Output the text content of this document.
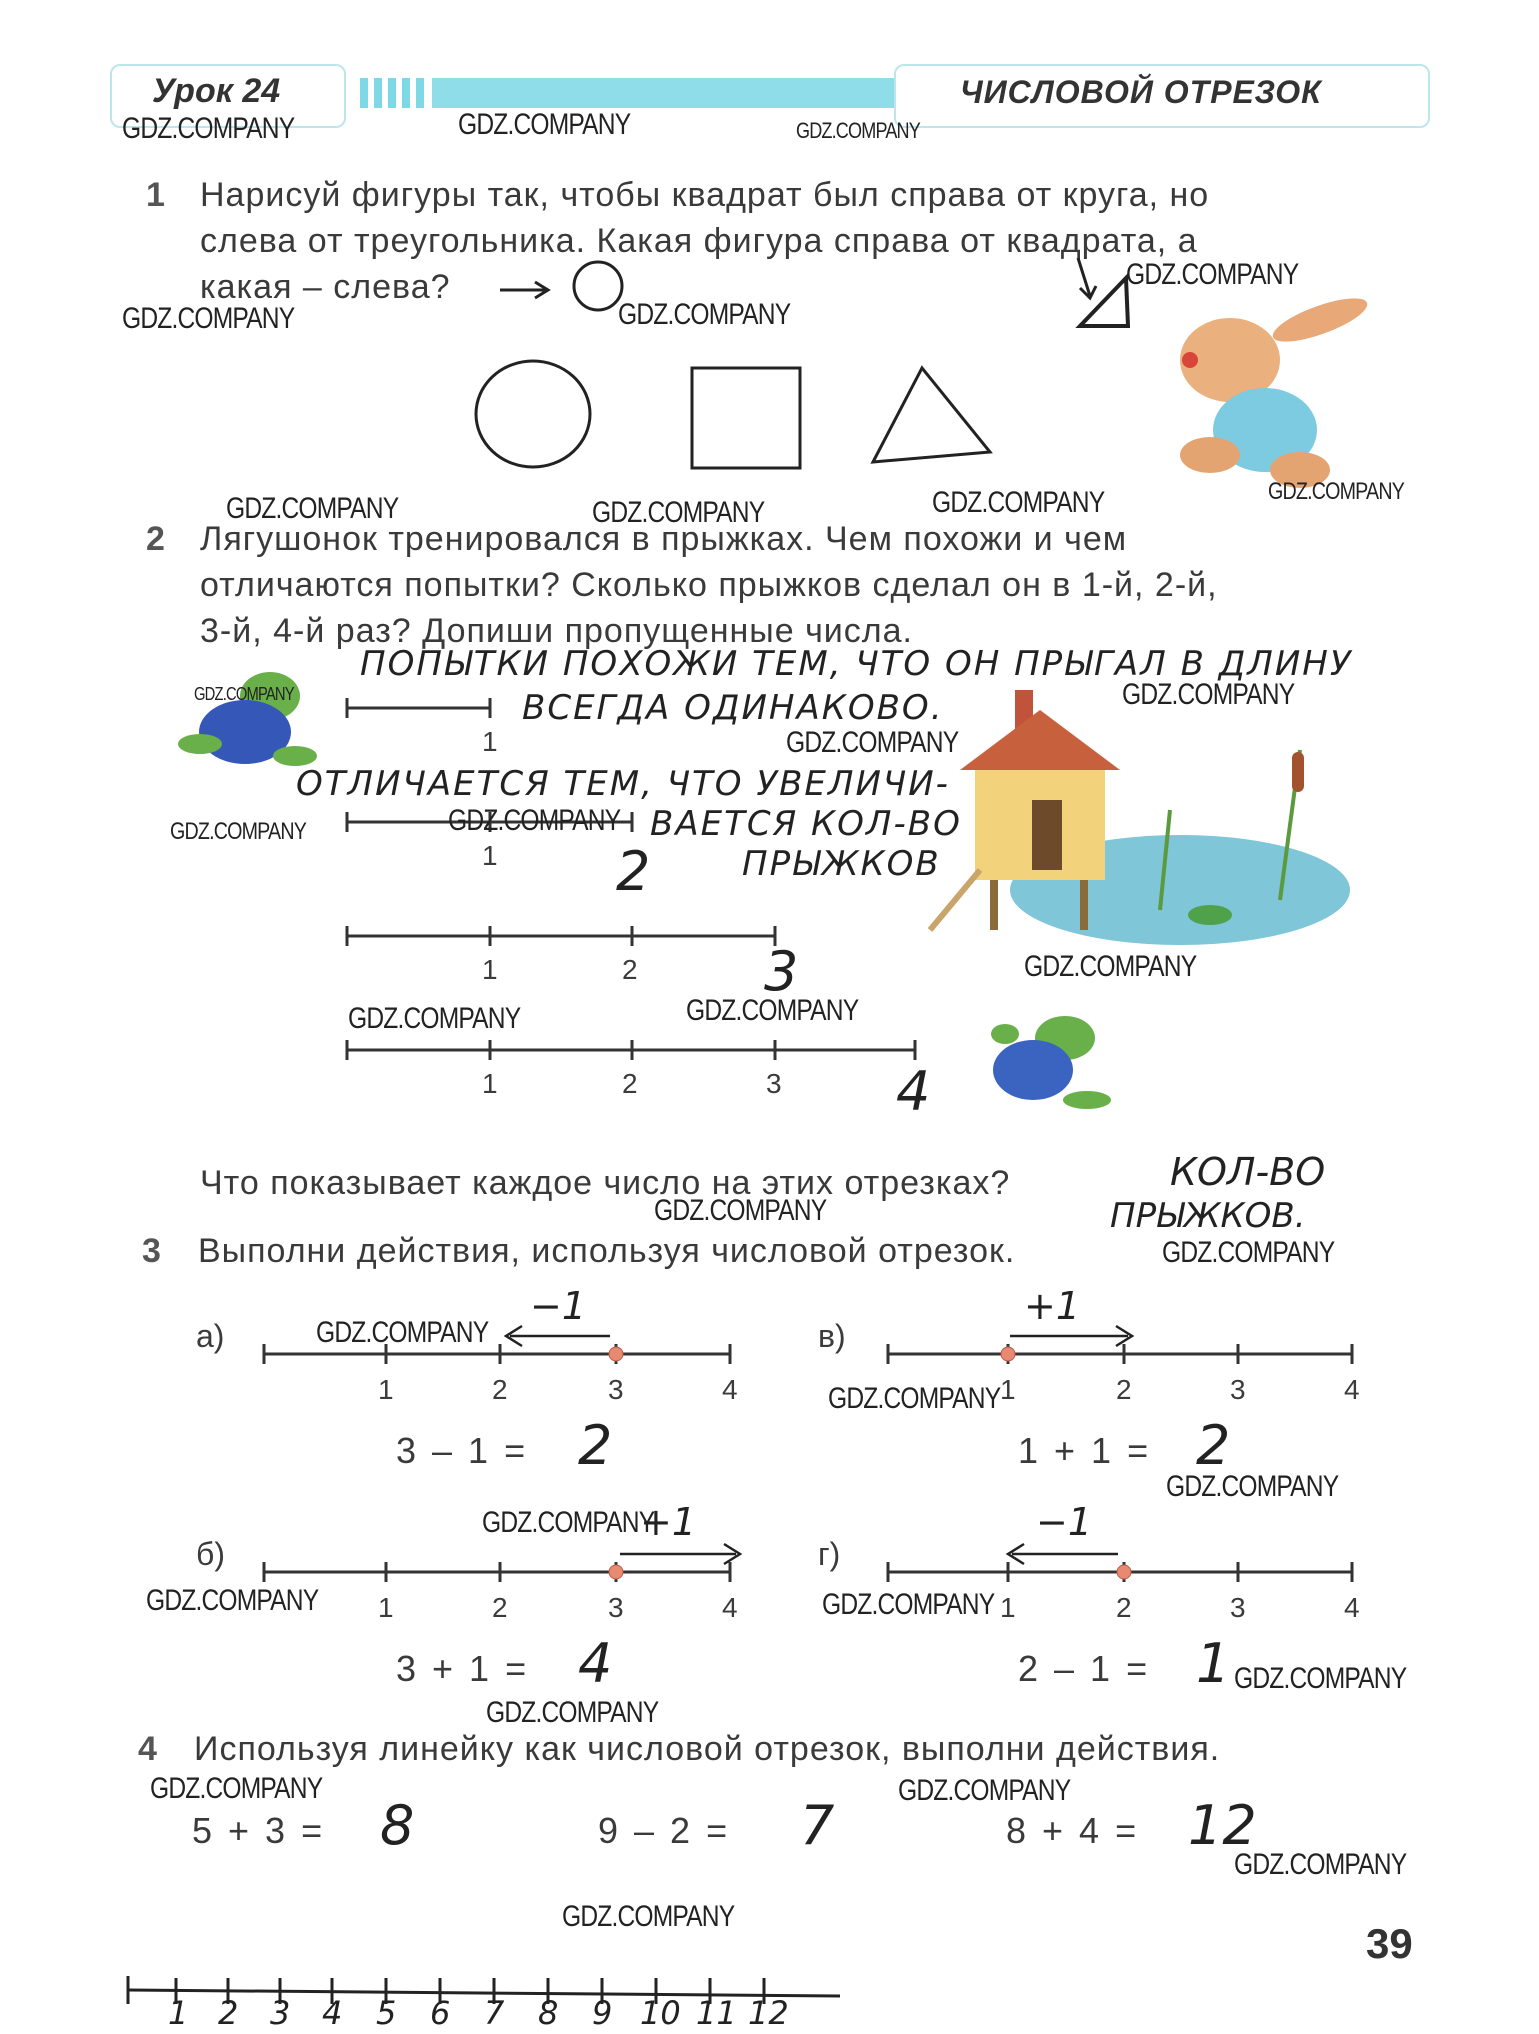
Урок 24	ЧИСЛОВОЙ ОТРЕЗОК
1 Нарисуй фигуры так, чтобы квадрат был справа от круга, но
слева от треугольника. Какая фигура справа от квадрата, а
какая – слева?
2 Лягушонок тренировался в прыжках. Чем похожи и чем
отличаются попытки? Сколько прыжков сделал он в 1-й, 2-й,
3-й, 4-й раз? Допиши пропущенные числа.
ПОПЫТКИ ПОХОЖИ ТЕМ, ЧТО ОН ПРЫГАЛ В ДЛИНУ
ВСЕГДА ОДИНАКОВО.
ОТЛИЧАЕТСЯ ТЕМ, ЧТО УВЕЛИЧИ-
ВАЕТСЯ КОЛ-ВО
ПРЫЖКОВ
1
1 2
1	2 3
1	2	3 4
Что показывает каждое число на этих отрезках?	КОЛ-ВО
ПРЫЖКОВ.
3 Выполни действия, используя числовой отрезок.
а)
−1
1	2	3	4
3 – 1 = 2
в)
+1
1	2	3	4
1 + 1 = 2
б)
+1
1	2	3	4
3 + 1 = 4
г)
−1
1	2	3	4
2 – 1 = 1
4 Используя линейку как числовой отрезок, выполни действия.
5 + 3 = 8	9 – 2 = 7	8 + 4 = 12
1 2 3 4 5 6 7 8 9 10 11 12
39
GDZ.COMPANY	GDZ.COMPANY	GDZ.COMPANY
GDZ.COMPANY	GDZ.COMPANY
GDZ.COMPANY
GDZ.COMPANY
GDZ.COMPANY	GDZ.COMPANY	GDZ.COMPANY
GDZ.COMPANY
GDZ.COMPANY
GDZ.COMPANY
GDZ.COMPANY
GDZ.COMPANY
GDZ.COMPANY
GDZ.COMPANY
GDZ.COMPANY
GDZ.COMPANY
GDZ.COMPANY
GDZ.COMPANY
GDZ.COMPANY
GDZ.COMPANY
GDZ.COMPANY
GDZ.COMPANY	GDZ.COMPANY
GDZ.COMPANY
GDZ.COMPANY
GDZ.COMPANY	GDZ.COMPANY
GDZ.COMPANY
GDZ.COMPANY
